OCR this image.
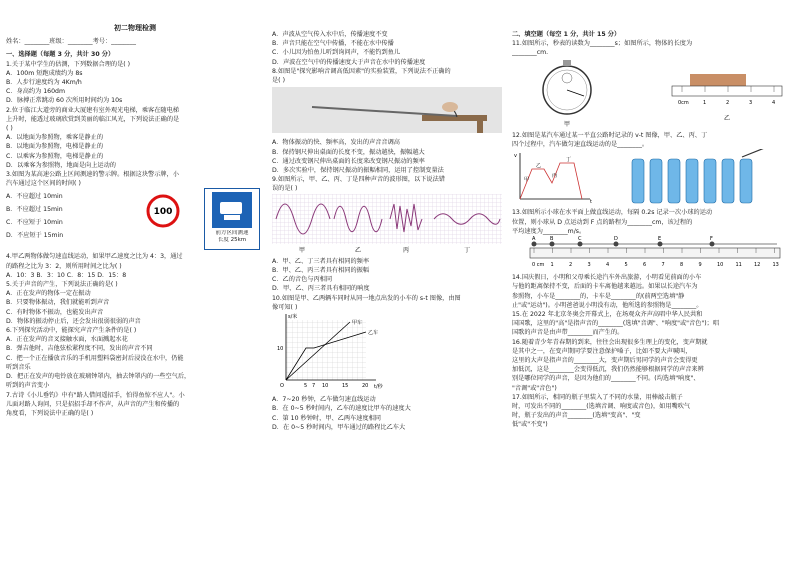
初二物理检测

姓名：________班级：________考号：________

一、选择题（每题 3 分，共计 30 分）

1.关于某中学生的估测，下列数据合理的是( )

A．100m 短跑成绩约为 8s

B．人步行速度约为 4Km/h

C．身高约为 160dm

D．脉搏正常跳动 60 次所用时间约为 10s

2.位于临江大道旁的商业大厦建有室外观光电梯，乘客在随电梯

上升时，能透过玻璃欣赏到美丽的临江风光，下列说法正确的是

( )

A．以地面为参照物，乘客是静止的

B．以地面为参照物，电梯是静止的

C．以乘客为参照物，电梯是静止的

D．以乘客为参照物，地面是向上运动的

3.如图为某高速公路上区间测速的警示牌。根据这块警示牌，小

汽车通过这个区间的时间( )

A．不应超过 10min

B．不应超过 15min

C．不应短于 10min

D．不应短于 15min

100

前方区间测速

长度 25km

4.甲乙两物体做匀速直线运动，如果甲乙速度之比为 4：3，通过

的路程之比为 3：2，则所用时间之比为( )

A．10：3 B．3：10 C．8：15 D．15：8

5.关于声音的产生，下列说法正确的是( )

A．正在发声的物体一定在振动

B．只要物体振动，我们就能听到声音

C．有时物体不振动，也能发出声音

D．物体的振动停止后，还会发出很弱很弱的声音

6.下列探究活动中，能探究声音产生条件的是( )

A．正在发声的音叉接触水面，水面溅起水花

B．弹吉他时，吉他弦松紧程度不同，发出的声音不同

C．把一个正在播放音乐的手机用塑料袋密封后浸没在水中，仍能

听到音乐

D．把正在发声的电铃放在玻璃钟罩内，抽去钟罩内的一些空气后，

听到的声音变小

7.古诗《小儿垂钓》中有"路人借问遥招手，怕得鱼惊不应人"。小

儿面对路人询问，只是招招手却不作声，从声音的产生和传播的

角度看，下列说法中正确的是( )

A．声波从空气传入水中后，传播速度不变

B．声音只能在空气中传播，不能在水中传播

C．小儿因为怕鱼儿听到询问声，不能钓到鱼儿

D．声波在空气中的传播速度大于声音在水中的传播速度

8.如图是"探究影响音调高低因素"的实验装置，下列说法不正确的

是( )

A．物体振动的快、频率高，发出的声音音调高

B．保持钢尺伸出桌面的长度不变，振动越快，振幅越大

C．通过改变钢尺伸出桌面的长度来改变钢尺振动的频率

D．多次实验中，保持钢尺振动的振幅相同，运用了控制变量法

9.如图所示，甲、乙、丙、丁是四种声音的波形图，以下说法错

误的是( )

甲	乙	丙	丁

A．甲、乙、丁三者具有相同的频率

B．甲、乙、丙三者具有相同的振幅

C．乙的音色与丙相同

D．甲、乙、丙三者具有相同的响度

10.如图是甲、乙两辆车同时从同一地点出发的小车的 s-t 图像，由图

像可知( )

s/米
t/秒
10
O	5 7 10	15	20
甲车
乙车

A．7~20 秒钟，乙车做匀速直线运动

B．在 0~5 秒时间内，乙车的速度比甲车的速度大

C．第 10 秒钟时，甲、乙两车速度相同

D．在 0~5 秒时间内，甲车通过的路程比乙车大

二、填空题（每空 1 分，共计 15 分）

11.如图所示，秒表的读数为________s；如图所示，物体的长度为

________cm.

甲
0cm	1	2	3	4
乙

12.如图是某汽车通过某一平直公路时记录的 v-t 图像，甲、乙、丙、丁

四个过程中，汽车做匀速直线运动的是________。

v
t
甲
乙
丙
丁

13.如图所示小球在水平面上做直线运动，每隔 0.2s 记录一次小球的运动

位置，则小球从 D 点运动到 F 点的路程为________cm，该过程的

平均速度为________m/s。

A	B	C	D	E	F
0 cm 1	2	3	4	5	6	7	8	9	10 11 12 13

14.国庆假日，小明和父母乘长途汽车外出旅游，小明看见前面的小车

与他的距离保持不变，后面的卡车离他越来越远。如果以长途汽车为

参照物，小车是________的，卡车是________的(前两空选填"静

止"或"运动")。小明爸爸说小明没有动，他所选的参照物是________。

15.在 2022 年北京冬奥会开幕式上，在场观众齐声高唱中华人民共和

国国歌，这里的"高"是指声音的________(选填"音调"、"响度"或"音色")；唱

国歌的声音是由声带________而产生的。

16.随着青少年青春期的到来，往往会出现很多生理上的变化，变声期就

是其中之一，在变声期同学要注意保护嗓子，比如不要大声喊叫，

这里的大声是指声音的________大，变声期后男同学的声音会变得更

加低沉，这是________会变得低沉，我们仍然能够根据同学的声音来辨

别是哪位同学的声音，是因为他们的________不同。(均选填"响度"、

"音调"或"音色")

17.如图所示，相同的瓶子里装入了不同的水量，用棒敲击瓶子

时，可发出不同的________(选填音调、响度或音色)，如用嘴吹气

时，瓶子发出的声音________(选填"变高"、"变

低"或"不变")
